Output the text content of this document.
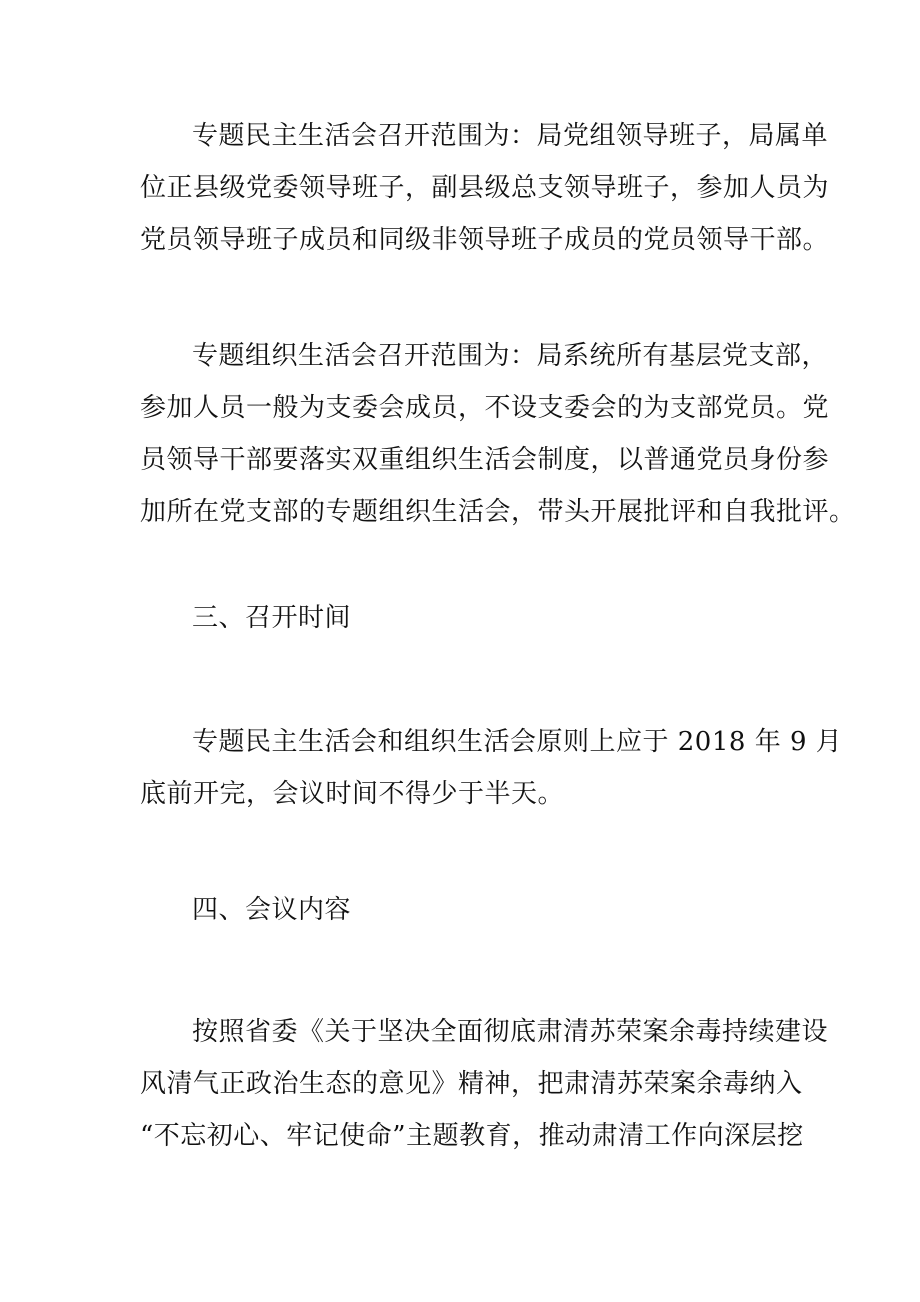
专题民主生活会召开范围为：局党组领导班子，局属单
位正县级党委领导班子，副县级总支领导班子，参加人员为
党员领导班子成员和同级非领导班子成员的党员领导干部。
专题组织生活会召开范围为：局系统所有基层党支部，
参加人员一般为支委会成员，不设支委会的为支部党员。党
员领导干部要落实双重组织生活会制度，以普通党员身份参
加所在党支部的专题组织生活会，带头开展批评和自我批评。
三、召开时间
专题民主生活会和组织生活会原则上应于 2018 年 9 月
底前开完，会议时间不得少于半天。
四、会议内容
按照省委《关于坚决全面彻底肃清苏荣案余毒持续建设
风清气正政治生态的意见》精神，把肃清苏荣案余毒纳入
“不忘初心、牢记使命”主题教育，推动肃清工作向深层挖
